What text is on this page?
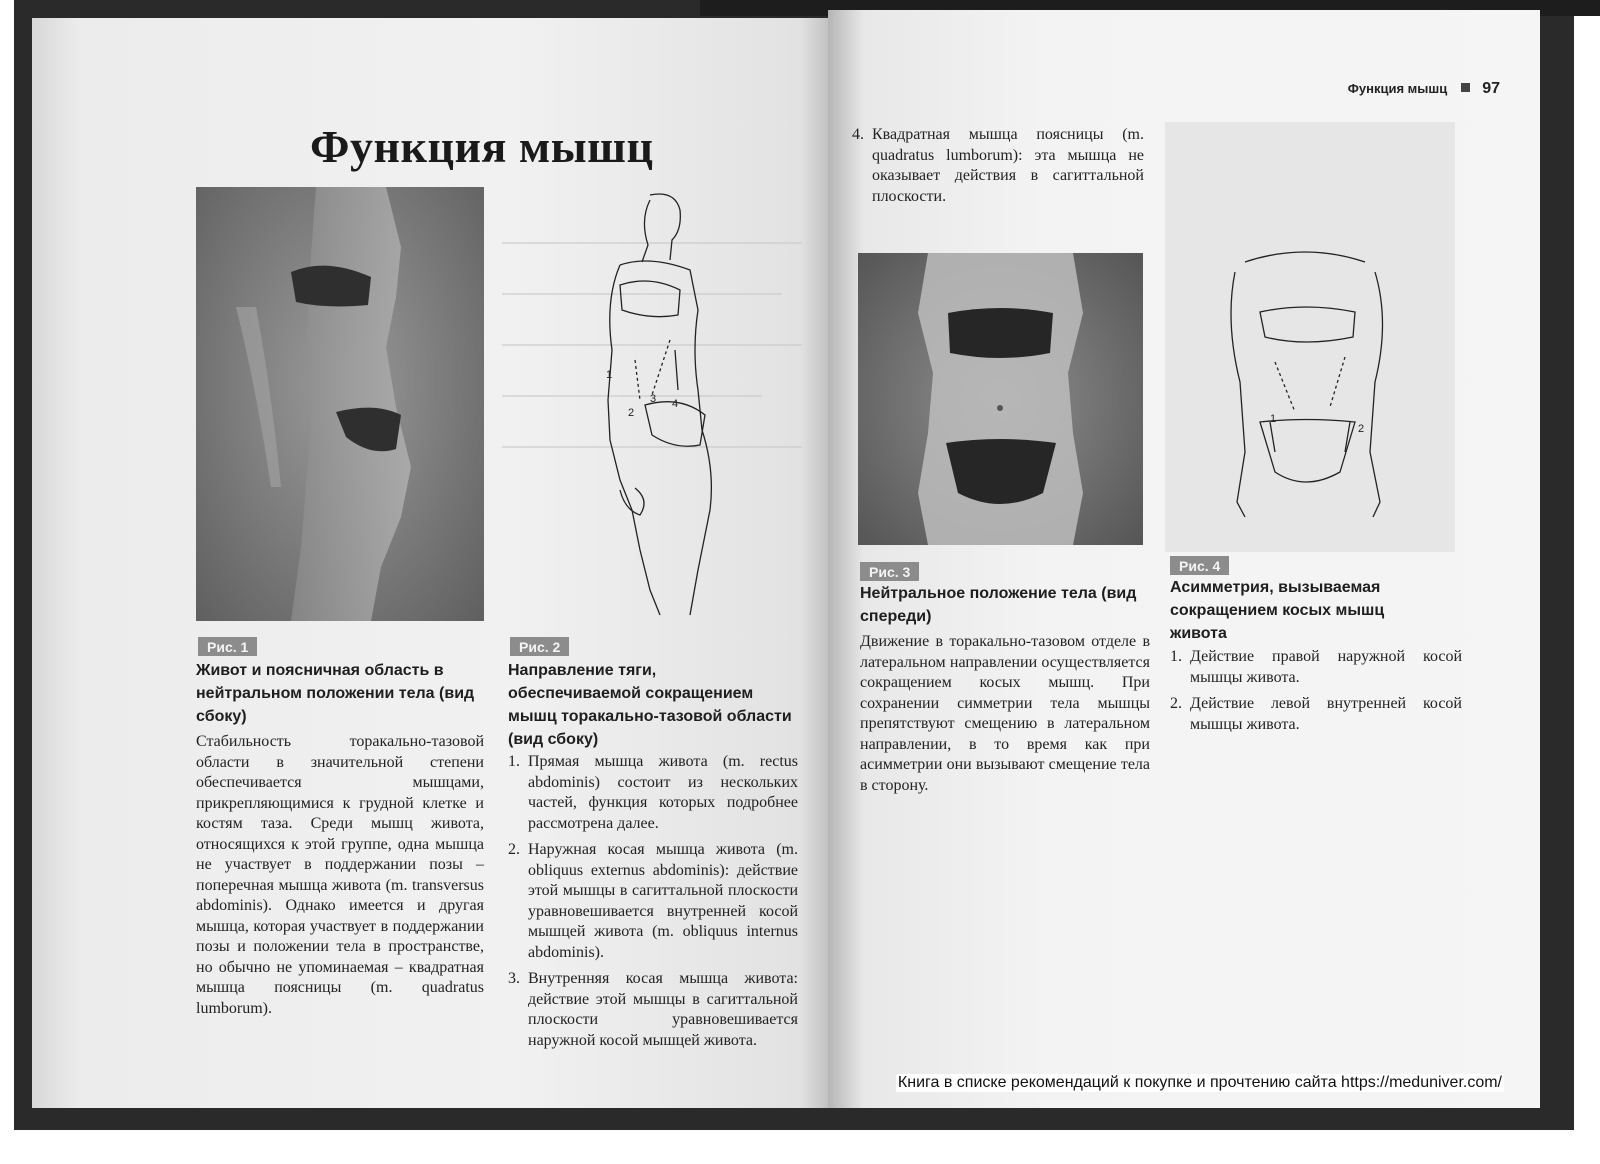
Функция мышц
1
2
3 4
Рис. 1
Живот и поясничная область в нейтральном положении тела (вид сбоку)
Стабильность торакально-тазовой области в значительной степени обеспечивается мышцами, прикрепляющимися к грудной клетке и костям таза. Среди мышц живота, относящихся к этой группе, одна мышца не участвует в поддержании позы – поперечная мышца живота (m. transversus abdominis). Однако имеется и другая мышца, которая участвует в поддержании позы и положении тела в пространстве, но обычно не упоминаемая – квадратная мышца поясницы (m. quadratus lumborum).
Рис. 2
Направление тяги, обеспечиваемой сокращением мышц торакально-тазовой области (вид сбоку)
1. Прямая мышца живота (m. rectus abdominis) состоит из нескольких частей, функция которых подробнее рассмотрена далее.
2. Наружная косая мышца живота (m. obliquus externus abdominis): действие этой мышцы в сагиттальной плоскости уравновешивается внутренней косой мышцей живота (m. obliquus internus abdominis).
3. Внутренняя косая мышца живота: действие этой мышцы в сагиттальной плоскости уравновешивается наружной косой мышцей живота.
Функция мышц 97
4. Квадратная мышца поясницы (m. quadratus lumborum): эта мышца не оказывает действия в сагиттальной плоскости.
1
2
Рис. 3
Нейтральное положение тела (вид спереди)
Движение в торакально-тазовом отделе в латеральном направлении осуществляется сокращением косых мышц. При сохранении симметрии тела мышцы препятствуют смещению в латеральном направлении, в то время как при асимметрии они вызывают смещение тела в сторону.
Рис. 4
Асимметрия, вызываемая сокращением косых мышц живота
1. Действие правой наружной косой мышцы живота.
2. Действие левой внутренней косой мышцы живота.
Книга в списке рекомендаций к покупке и прочтению сайта https://meduniver.com/
